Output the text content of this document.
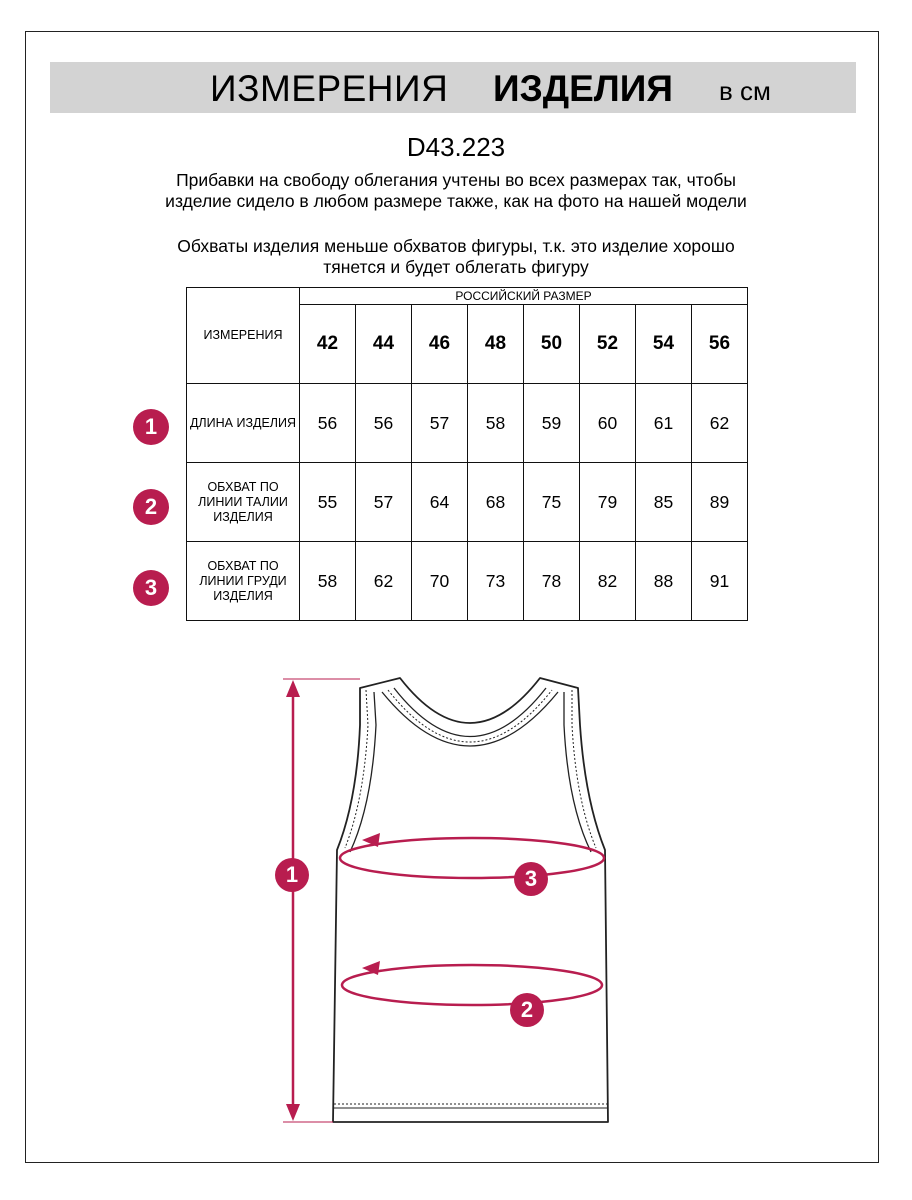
ИЗМЕРЕНИЯ ИЗДЕЛИЯ в см
D43.223
Прибавки на свободу облегания учтены во всех размерах так, чтобы изделие сидело в любом размере также, как на фото на нашей модели
Обхваты изделия меньше обхватов фигуры, т.к. это изделие хорошо тянется и будет облегать фигуру
ИЗМЕРЕНИЯ	РОССИЙСКИЙ РАЗМЕР							
	42	44	46	48	50	52	54	56
ДЛИНА ИЗДЕЛИЯ	56	56	57	58	59	60	61	62
ОБХВАТ ПО ЛИНИИ ТАЛИИ ИЗДЕЛИЯ	55	57	64	68	75	79	85	89
ОБХВАТ ПО ЛИНИИ ГРУДИ ИЗДЕЛИЯ	58	62	70	73	78	82	88	91
1
2
3
1	3
2
